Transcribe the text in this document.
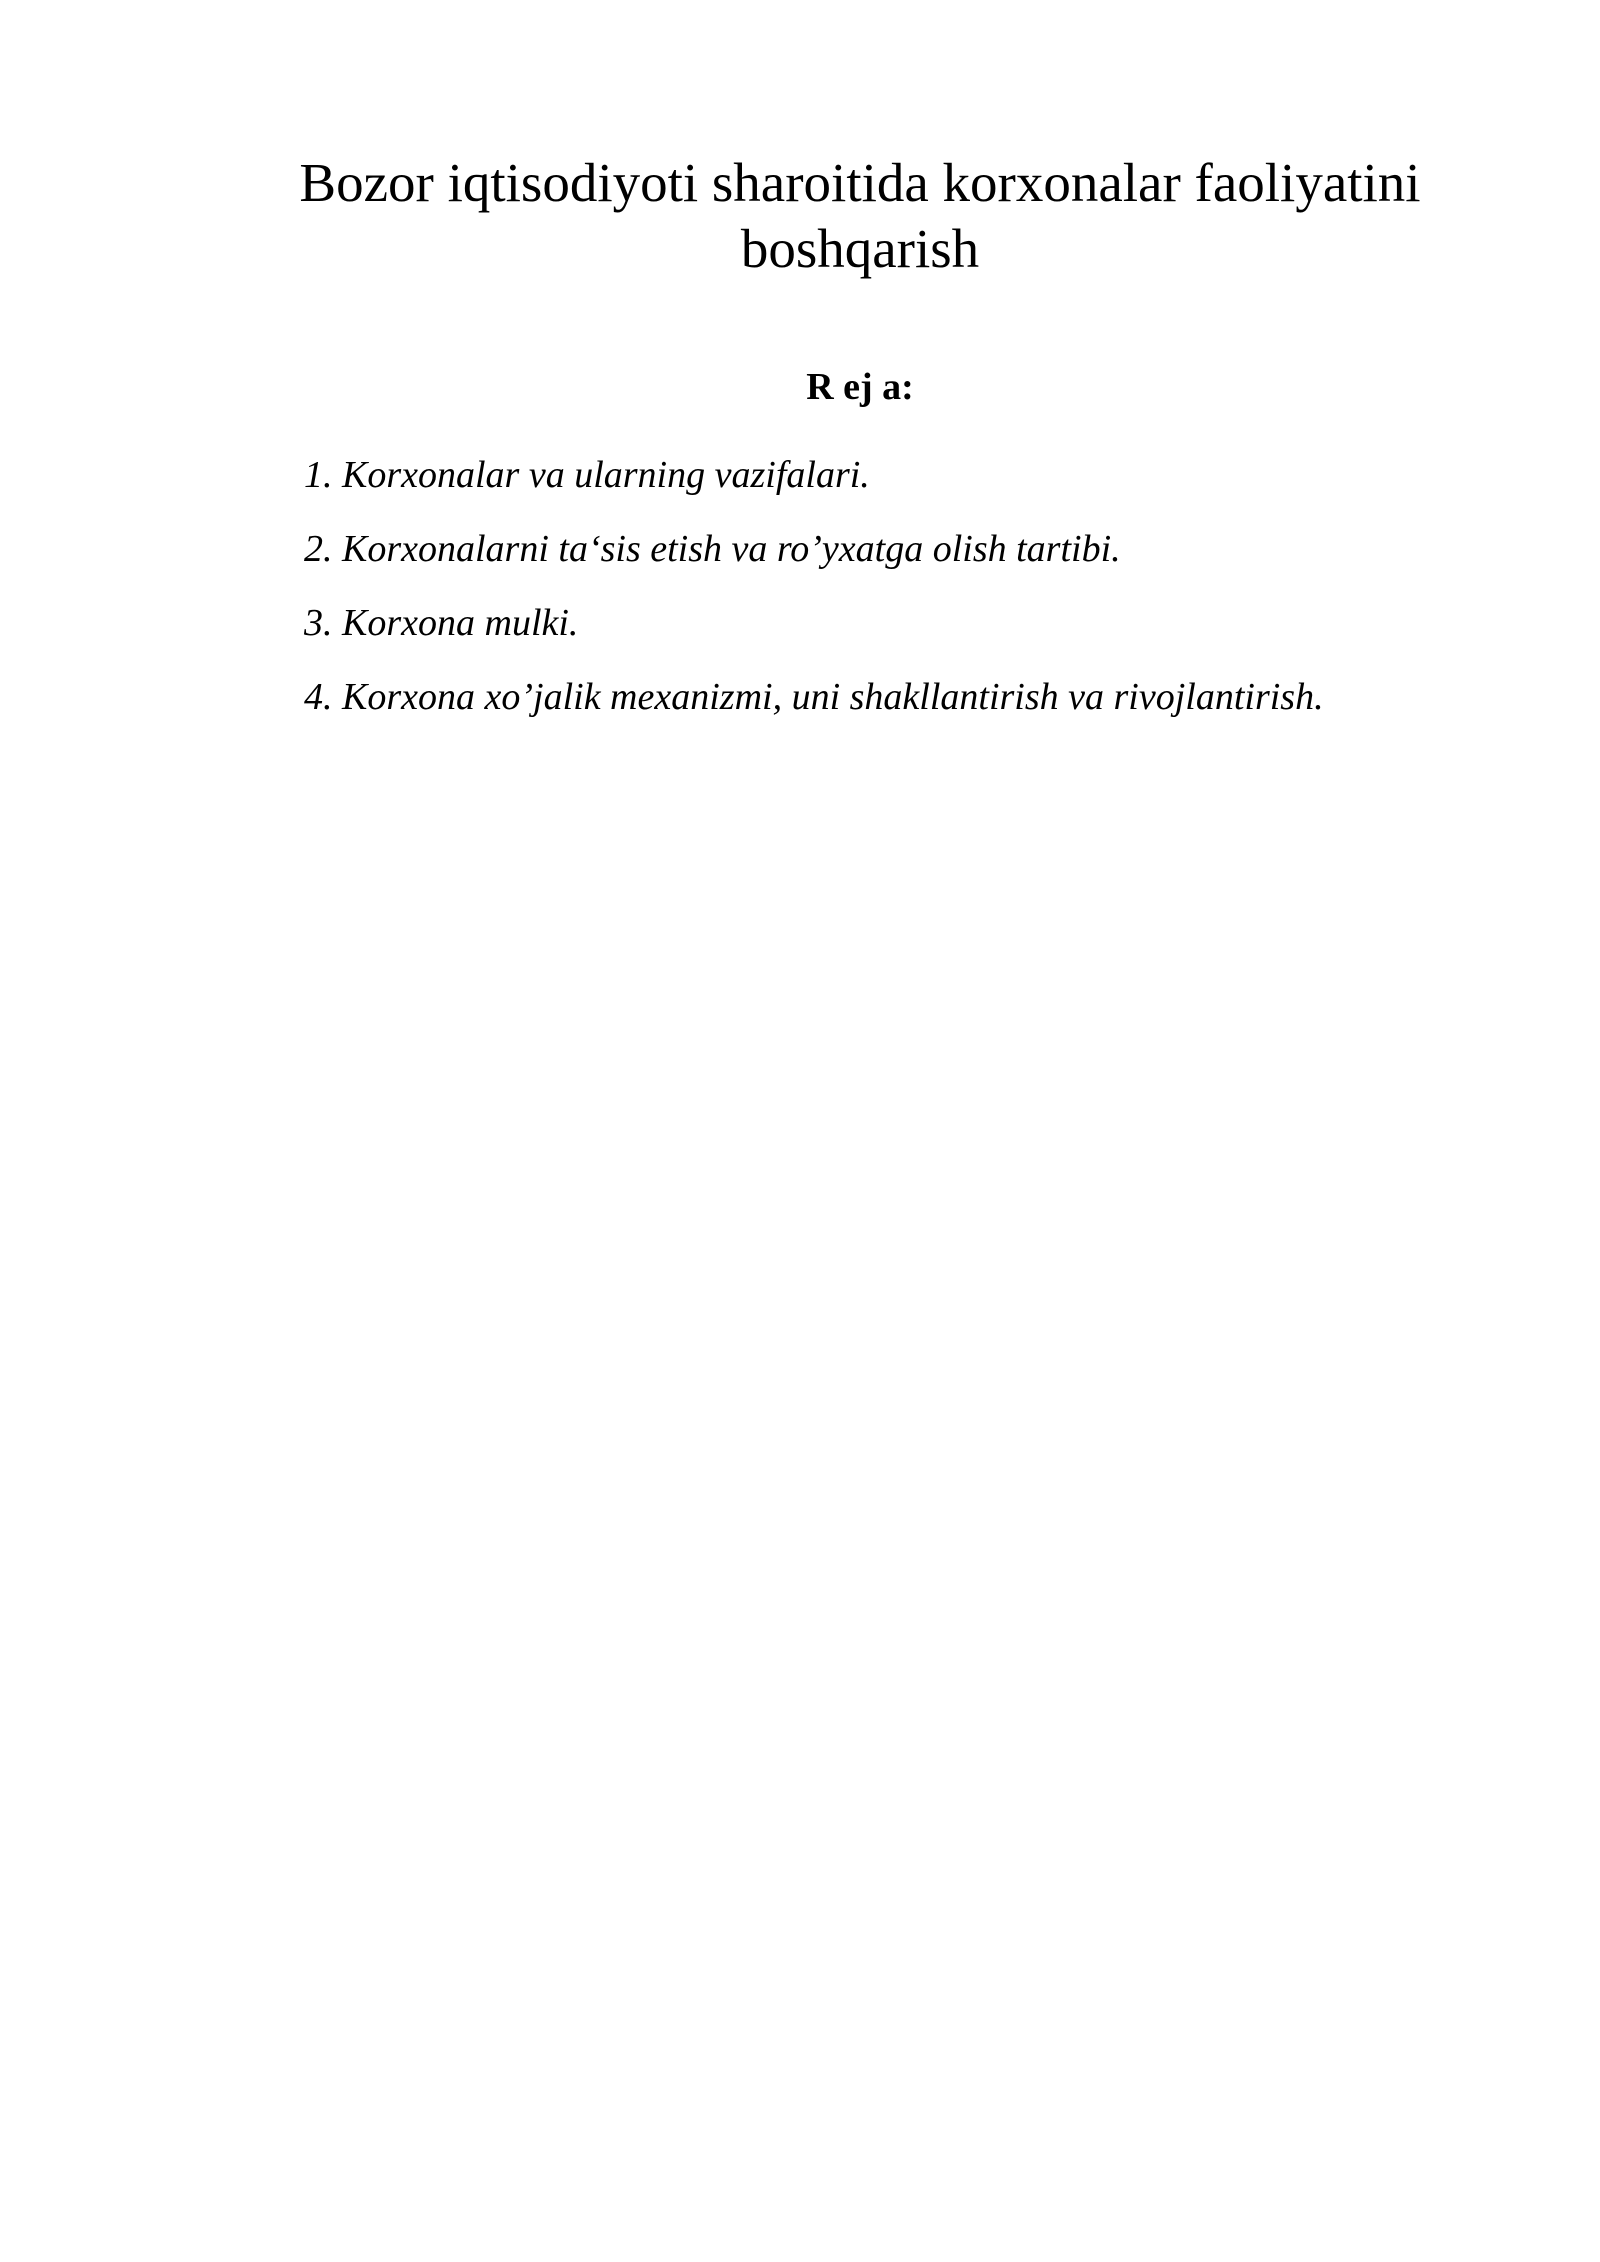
Bozor iqtisodiyoti sharoitida korxonalar faoliyatini boshqarish
R ej a:
1. Korxonalar va ularning vazifalari.
2. Korxonalarni ta‘sis etish va ro’yxatga olish tartibi.
3. Korxona mulki.
4. Korxona xo’jalik mexanizmi, uni shakllantirish va rivojlantirish.
